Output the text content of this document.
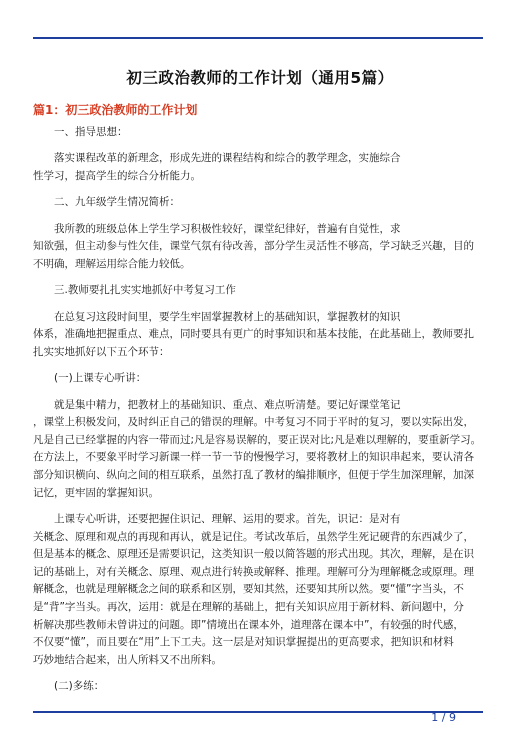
初三政治教师的工作计划（通用5篇）
篇1：初三政治教师的工作计划

　　一、指导思想：

　　落实课程改革的新理念，形成先进的课程结构和综合的教学理念，实施综合

性学习，提高学生的综合分析能力。

　　二、九年级学生情况简析：

　　我所教的班级总体上学生学习积极性较好，课堂纪律好，普遍有自觉性，求

知欲强，但主动参与性欠佳，课堂气氛有待改善，部分学生灵活性不够高，学习缺乏兴趣，目的

不明确，理解运用综合能力较低。

　　三.教师要扎扎实实地抓好中考复习工作

　　在总复习这段时间里，要学生牢固掌握教材上的基础知识，掌握教材的知识

体系，准确地把握重点、难点，同时要具有更广的时事知识和基本技能，在此基础上，教师要扎

扎实实地抓好以下五个环节：

　　(一)上课专心听讲：

　　就是集中精力，把教材上的基础知识、重点、难点听清楚。要记好课堂笔记

，课堂上积极发问，及时纠正自己的错误的理解。中考复习不同于平时的复习，要以实际出发，

凡是自己已经掌握的内容一带而过;凡是容易误解的，要正误对比;凡是难以理解的，要重新学习。

在方法上，不要象平时学习新课一样一节一节的慢慢学习，要将教材上的知识串起来，要认清各

部分知识横向、纵向之间的相互联系，虽然打乱了教材的编排顺序，但便于学生加深理解，加深

记忆，更牢固的掌握知识。

　　上课专心听讲，还要把握住识记、理解、运用的要求。首先，识记：是对有

关概念、原理和观点的再现和再认，就是记住。考试改革后，虽然学生死记硬背的东西减少了，

但是基本的概念、原理还是需要识记，这类知识一般以简答题的形式出现。其次，理解，是在识

记的基础上，对有关概念、原理、观点进行转换或解释、推理。理解可分为理解概念或原理。理

解概念，也就是理解概念之间的联系和区别，要知其然，还要知其所以然。要“懂”字当头，不

是“背”字当头。再次，运用：就是在理解的基础上，把有关知识应用于新材料、新问题中，分

析解决那些教师未曾讲过的问题。即”情境出在课本外，道理落在课本中”，有较强的时代感，

不仅要“懂”，而且要在“用”上下工夫。这一层是对知识掌握提出的更高要求，把知识和材料

巧妙地结合起来，出人所料又不出所料。

　　(二)多练：

1 / 9
